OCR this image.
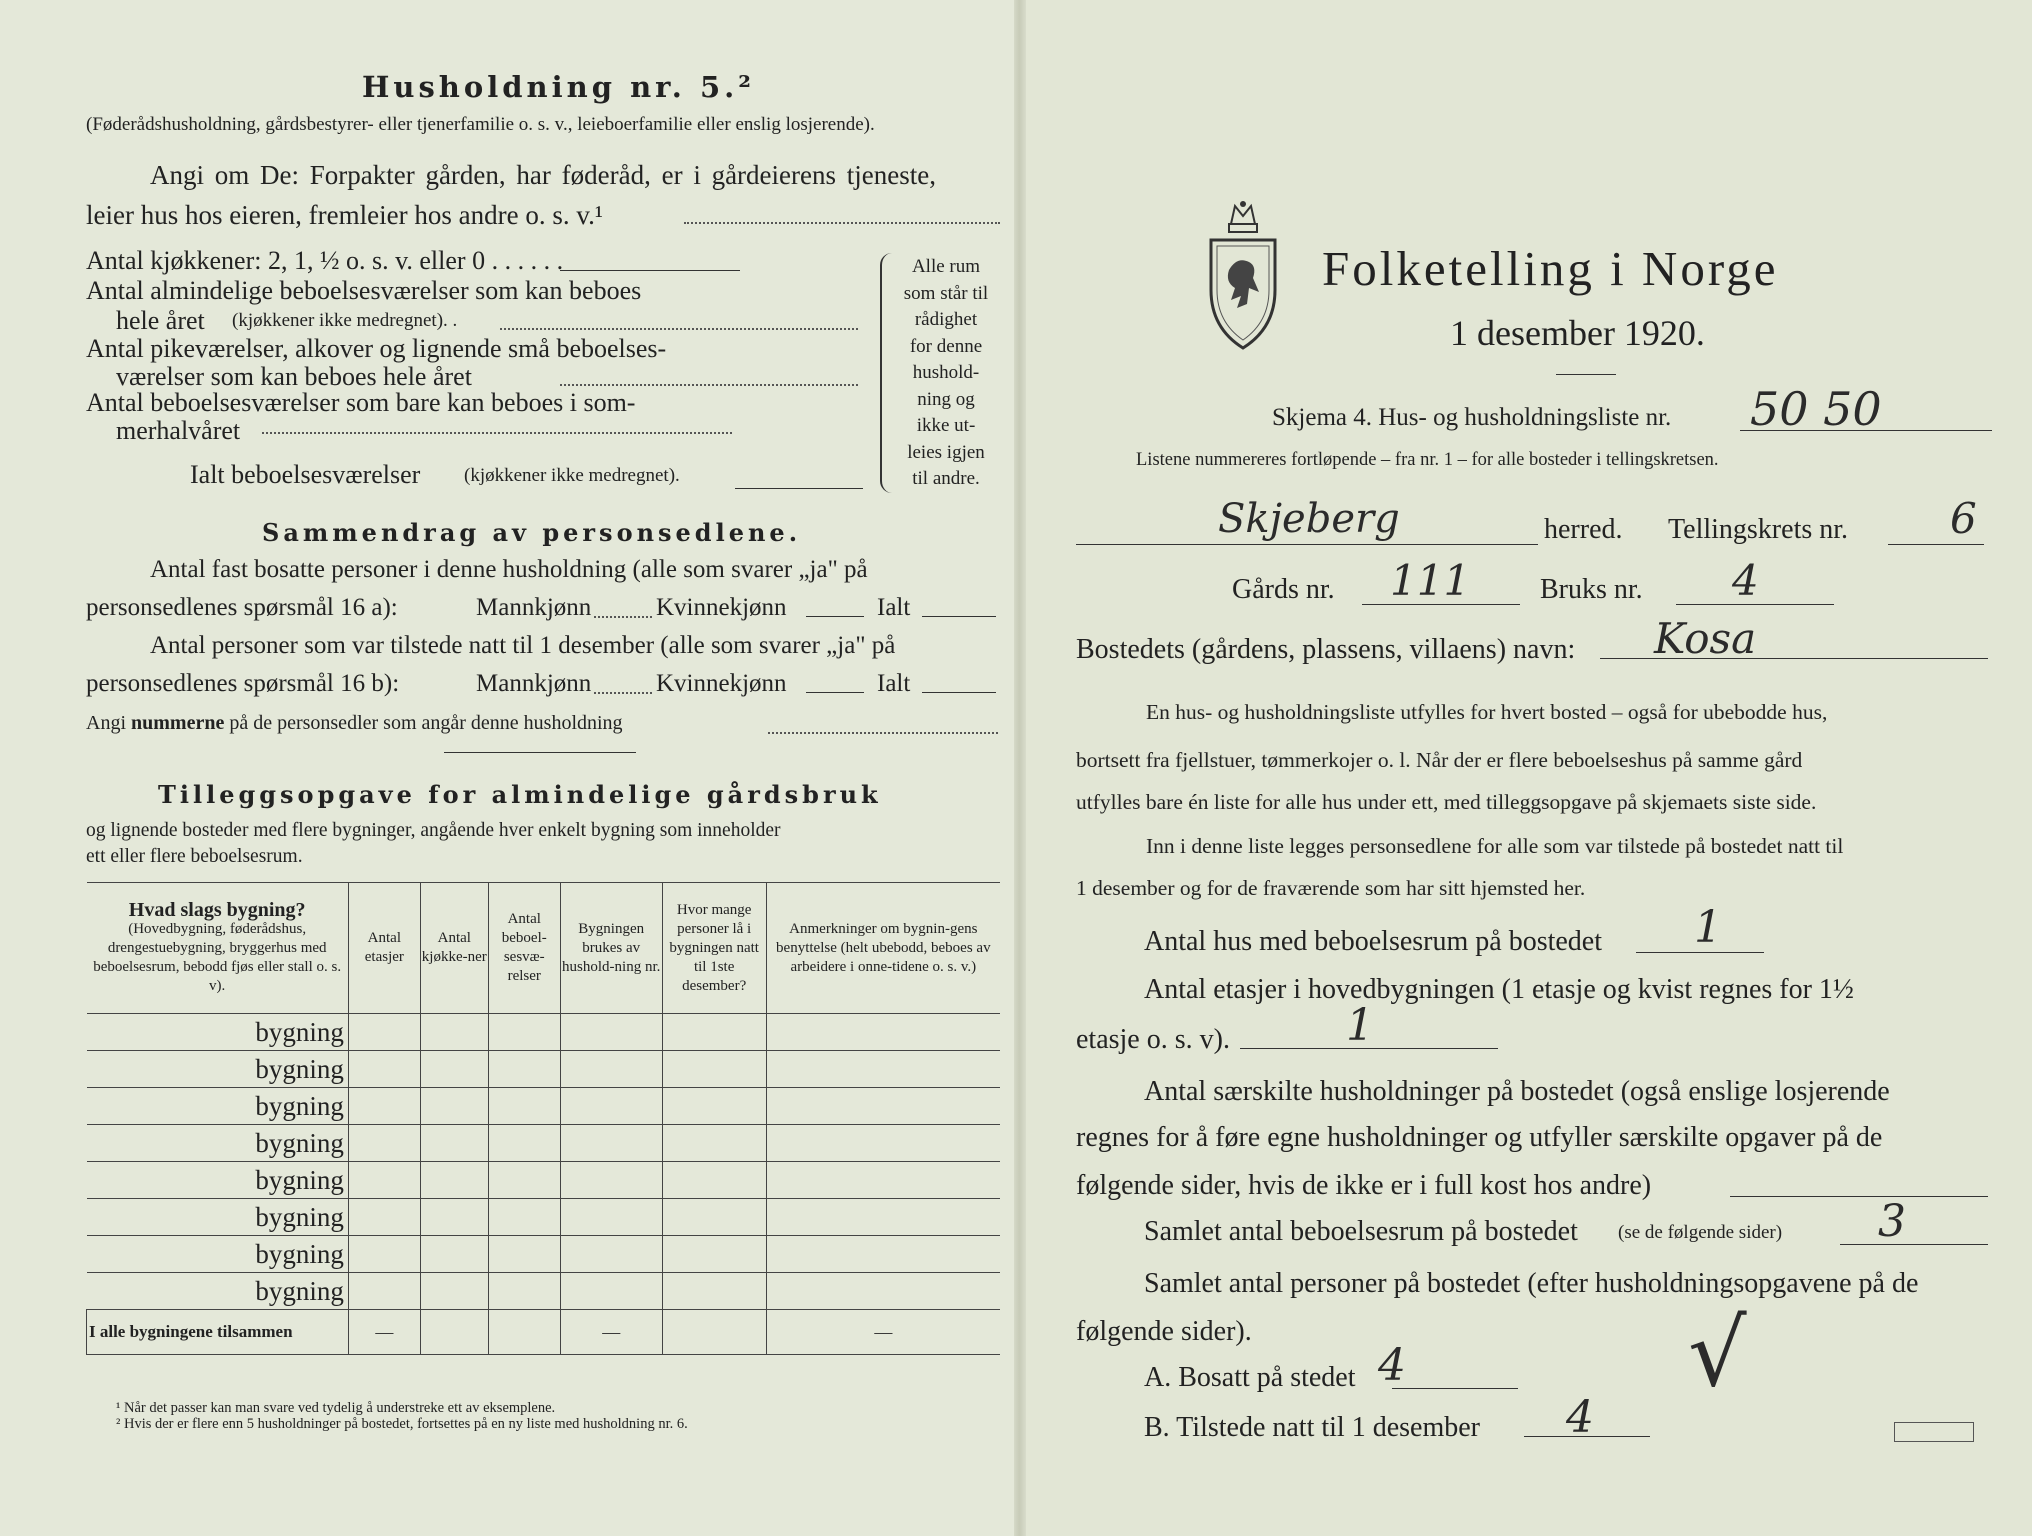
Husholdning nr. 5.²
(Føderådshusholdning, gårdsbestyrer- eller tjenerfamilie o. s. v., leieboerfamilie eller enslig losjerende).
Angi om De: Forpakter gården, har føderåd, er i gårdeierens tjeneste,
leier hus hos eieren, fremleier hos andre o. s. v.¹
Antal kjøkkener: 2, 1, ½ o. s. v. eller 0 . . . . . .
Antal almindelige beboelsesværelser som kan beboes
hele året (kjøkkener ikke medregnet). .
Antal pikeværelser, alkover og lignende små beboelses-
værelser som kan beboes hele året
Antal beboelsesværelser som bare kan beboes i som-
merhalvåret
Ialt beboelsesværelser (kjøkkener ikke medregnet).
Alle rum
som står til
rådighet
for denne
hushold-
ning og
ikke ut-
leies igjen
til andre.
Sammendrag av personsedlene.
Antal fast bosatte personer i denne husholdning (alle som svarer „ja" på
personsedlenes spørsmål 16 a):	Mannkjønn	Kvinnekjønn	Ialt
Antal personer som var tilstede natt til 1 desember (alle som svarer „ja" på
personsedlenes spørsmål 16 b):	Mannkjønn	Kvinnekjønn	Ialt
Angi nummerne på de personsedler som angår denne husholdning
Tilleggsopgave for almindelige gårdsbruk
og lignende bosteder med flere bygninger, angående hver enkelt bygning som inneholder
ett eller flere beboelsesrum.
Hvad slags bygning?
(Hovedbygning, føderådshus, drengestuebygning, bryggerhus med beboelsesrum, bebodd fjøs eller stall o. s. v).	Antal etasjer	Antal kjøkke-ner	Antal beboel-sesvæ-relser	Bygningen brukes av hushold-ning nr.	Hvor mange personer lå i bygningen natt til 1ste desember?	Anmerkninger om bygnin-gens benyttelse (helt ubebodd, beboes av arbeidere i onne-tidene o. s. v.)
bygning						
bygning						
bygning						
bygning						
bygning						
bygning						
bygning						
bygning						
I alle bygningene tilsammen	—			—		—
¹ Når det passer kan man svare ved tydelig å understreke ett av eksemplene.
² Hvis der er flere enn 5 husholdninger på bostedet, fortsettes på en ny liste med husholdning nr. 6.
Folketelling i Norge
1 desember 1920.
Skjema 4. Hus- og husholdningsliste nr. 50 50
Listene nummereres fortløpende – fra nr. 1 – for alle bosteder i tellingskretsen.
Skjeberg	herred. Tellingskrets nr. 6
Gårds nr. 111 Bruks nr. 4
Bostedets (gårdens, plassens, villaens) navn: Kosa
En hus- og husholdningsliste utfylles for hvert bosted – også for ubebodde hus,
bortsett fra fjellstuer, tømmerkojer o. l. Når der er flere beboelseshus på samme gård
utfylles bare én liste for alle hus under ett, med tilleggsopgave på skjemaets siste side.
Inn i denne liste legges personsedlene for alle som var tilstede på bostedet natt til
1 desember og for de fraværende som har sitt hjemsted her.
Antal hus med beboelsesrum på bostedet 1
Antal etasjer i hovedbygningen (1 etasje og kvist regnes for 1½
etasje o. s. v).	1
Antal særskilte husholdninger på bostedet (også enslige losjerende
regnes for å føre egne husholdninger og utfyller særskilte opgaver på de
følgende sider, hvis de ikke er i full kost hos andre)
Samlet antal beboelsesrum på bostedet (se de følgende sider) 3
Samlet antal personer på bostedet (efter husholdningsopgavene på de
følgende sider).
A. Bosatt på stedet 4
B. Tilstede natt til 1 desember 4
√
